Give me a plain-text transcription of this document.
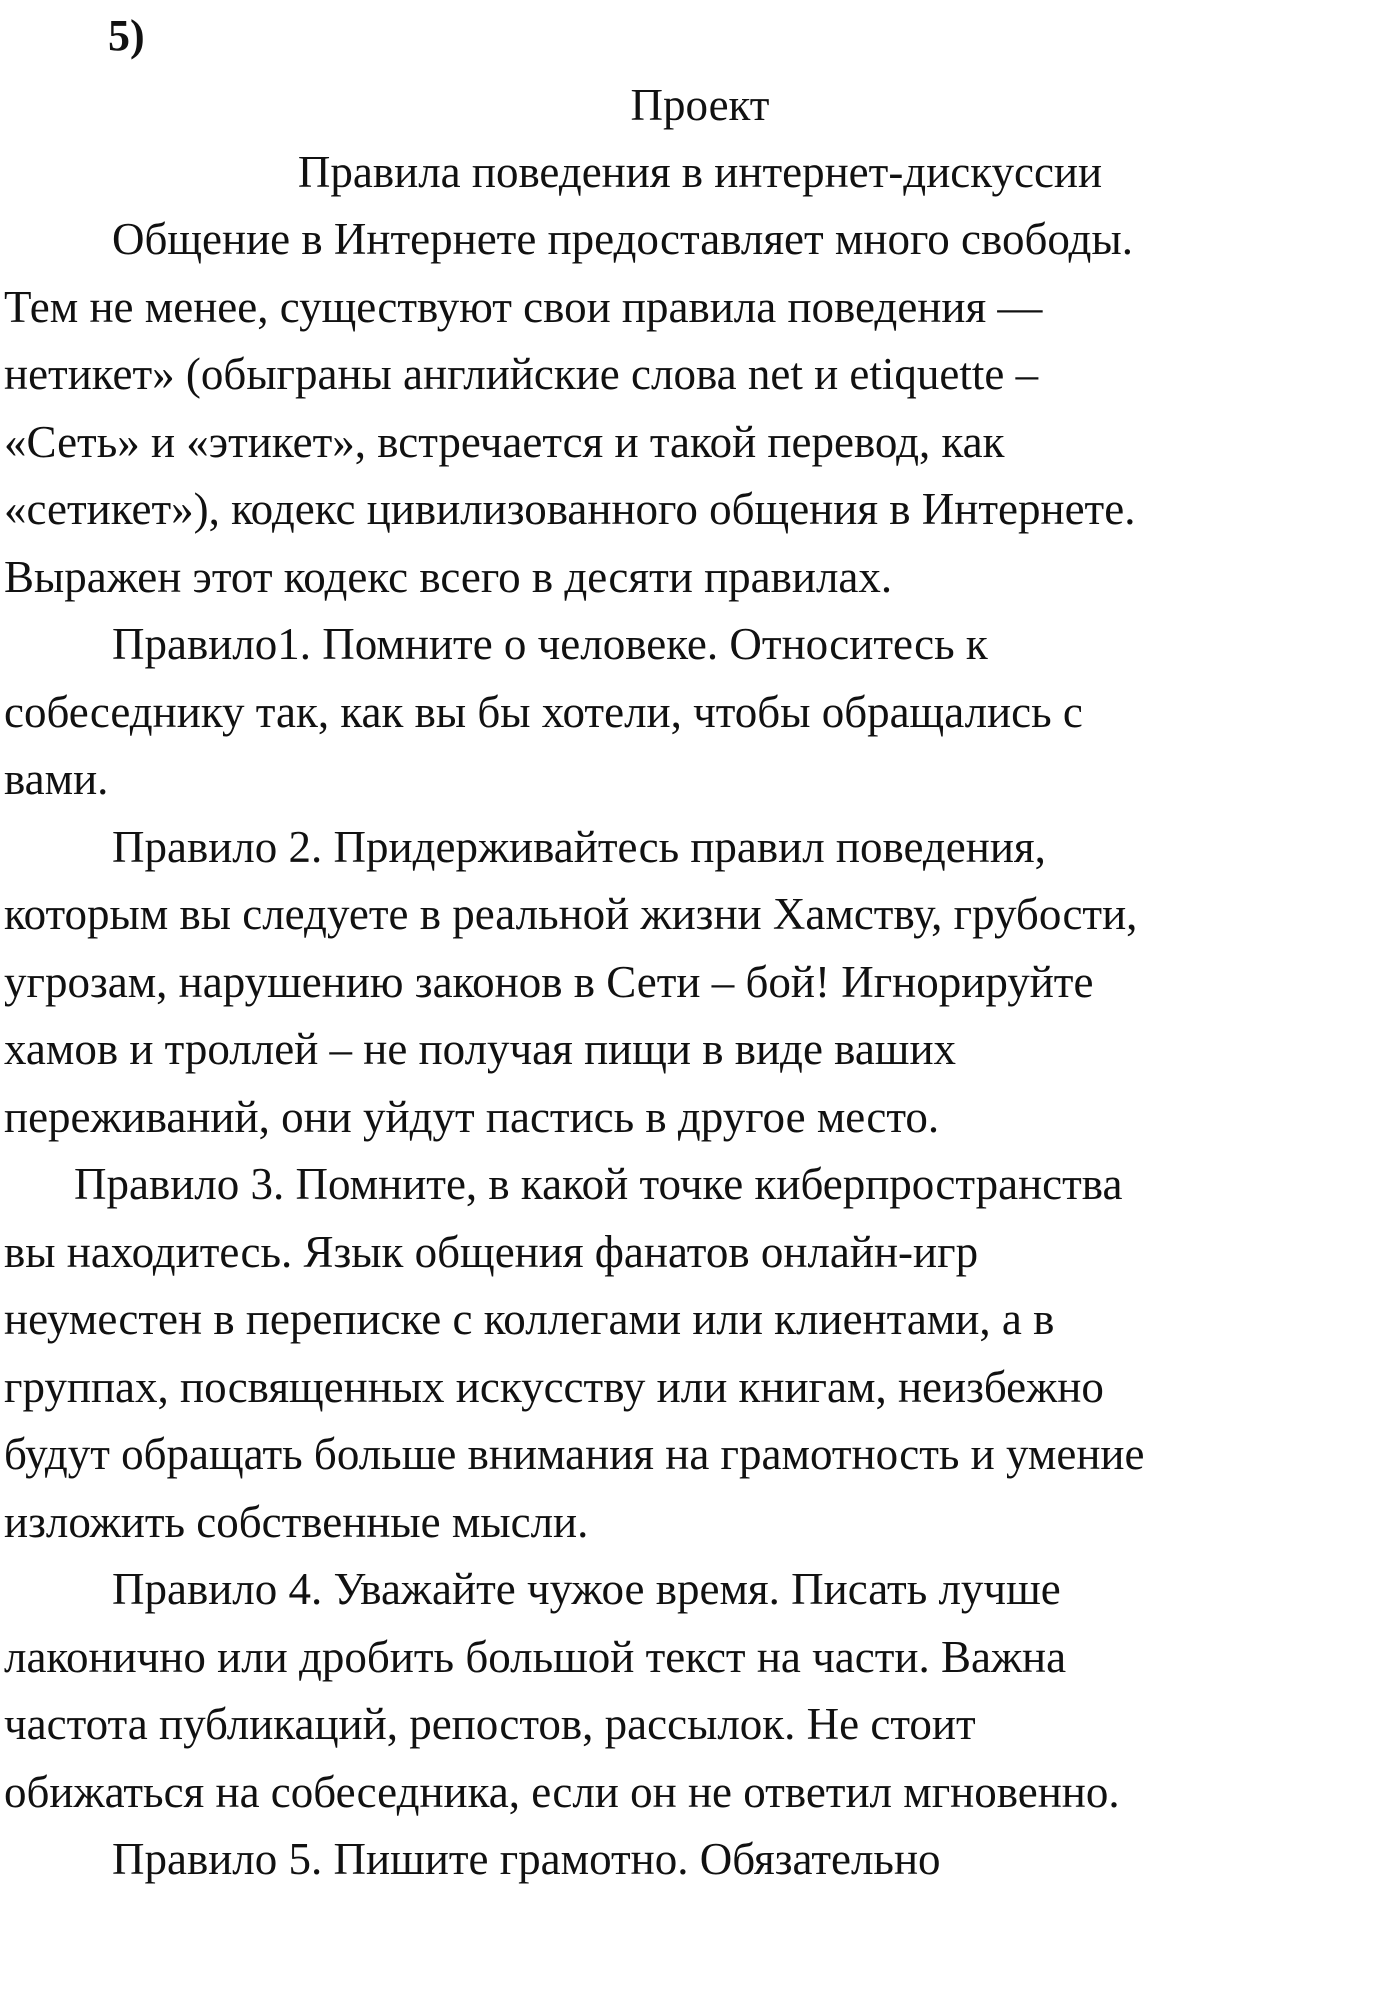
5)

Проект

Правила поведения в интернет-дискуссии

Общение в Интернете предоставляет много свободы.
Тем не менее, существуют свои правила поведения —
нетикет» (обыграны английские слова net и etiquette –
«Сеть» и «этикет», встречается и такой перевод, как
«сетикет»), кодекс цивилизованного общения в Интернете.
Выражен этот кодекс всего в десяти правилах.
Правило1. Помните о человеке. Относитесь к
собеседнику так, как вы бы хотели, чтобы обращались с
вами.
Правило 2. Придерживайтесь правил поведения,
которым вы следуете в реальной жизни Хамству, грубости,
угрозам, нарушению законов в Сети – бой! Игнорируйте
хамов и троллей – не получая пищи в виде ваших
переживаний, они уйдут пастись в другое место.
Правило 3. Помните, в какой точке киберпространства
вы находитесь. Язык общения фанатов онлайн-игр
неуместен в переписке с коллегами или клиентами, а в
группах, посвященных искусству или книгам, неизбежно
будут обращать больше внимания на грамотность и умение
изложить собственные мысли.
Правило 4. Уважайте чужое время. Писать лучше
лаконично или дробить большой текст на части. Важна
частота публикаций, репостов, рассылок. Не стоит
обижаться на собеседника, если он не ответил мгновенно.
Правило 5. Пишите грамотно. Обязательно
